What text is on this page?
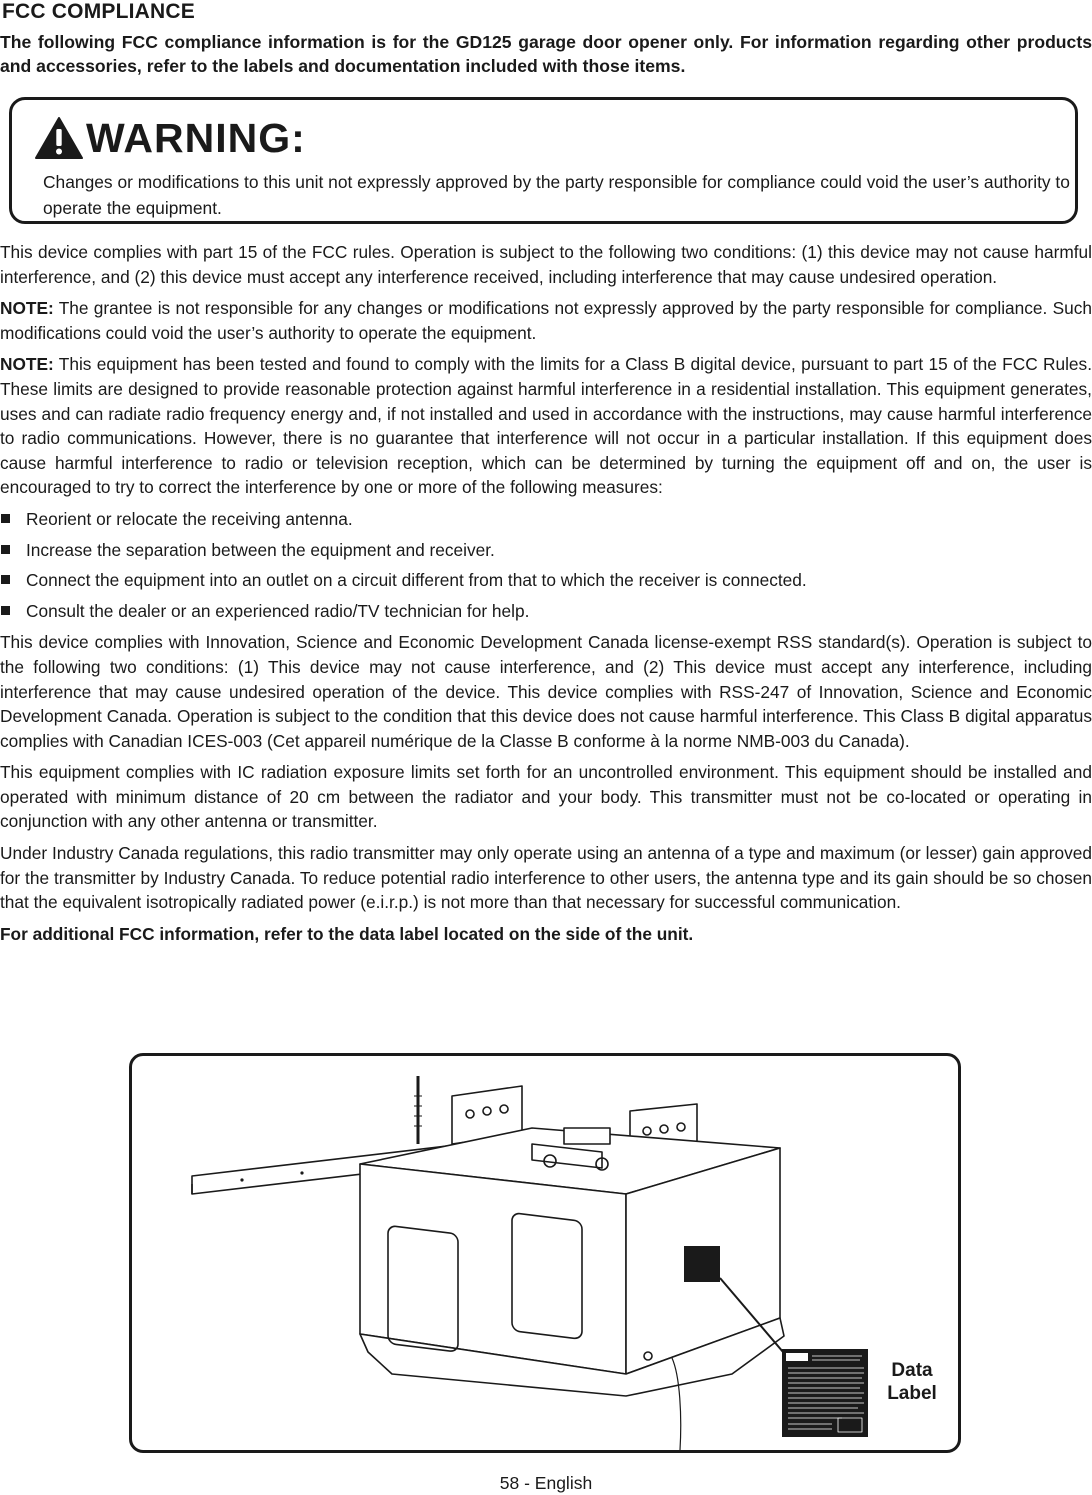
FCC COMPLIANCE

The following FCC compliance information is for the GD125 garage door opener only. For information regarding other products and accessories, refer to the labels and documentation included with those items.

WARNING:

Changes or modifications to this unit not expressly approved by the party responsible for compliance could void the user’s authority to operate the equipment.

This device complies with part 15 of the FCC rules. Operation is subject to the following two conditions: (1) this device may not cause harmful interference, and (2) this device must accept any interference received, including interference that may cause undesired operation.

NOTE: The grantee is not responsible for any changes or modifications not expressly approved by the party responsible for compliance. Such modifications could void the user’s authority to operate the equipment.

NOTE: This equipment has been tested and found to comply with the limits for a Class B digital device, pursuant to part 15 of the FCC Rules. These limits are designed to provide reasonable protection against harmful interference in a residential installation. This equipment generates, uses and can radiate radio frequency energy and, if not installed and used in accordance with the instructions, may cause harmful interference to radio communications. However, there is no guarantee that interference will not occur in a particular installation. If this equipment does cause harmful interference to radio or television reception, which can be determined by turning the equipment off and on, the user is encouraged to try to correct the interference by one or more of the following measures:

Reorient or relocate the receiving antenna.
Increase the separation between the equipment and receiver.
Connect the equipment into an outlet on a circuit different from that to which the receiver is connected.
Consult the dealer or an experienced radio/TV technician for help.

This device complies with Innovation, Science and Economic Development Canada license-exempt RSS standard(s). Operation is subject to the following two conditions: (1) This device may not cause interference, and (2) This device must accept any interference, including interference that may cause undesired operation of the device. This device complies with RSS-247 of Innovation, Science and Economic Development Canada. Operation is subject to the condition that this device does not cause harmful interference. This Class B digital apparatus complies with Canadian ICES-003 (Cet appareil numérique de la Classe B conforme à la norme NMB-003 du Canada).

This equipment complies with IC radiation exposure limits set forth for an uncontrolled environment. This equipment should be installed and operated with minimum distance of 20 cm between the radiator and your body. This transmitter must not be co-located or operating in conjunction with any other antenna or transmitter.

Under Industry Canada regulations, this radio transmitter may only operate using an antenna of a type and maximum (or lesser) gain approved for the transmitter by Industry Canada. To reduce potential radio interference to other users, the antenna type and its gain should be so chosen that the equivalent isotropically radiated power (e.i.r.p.) is not more than that necessary for successful communication.

For additional FCC information, refer to the data label located on the side of the unit.

Data
Label
58 - English
